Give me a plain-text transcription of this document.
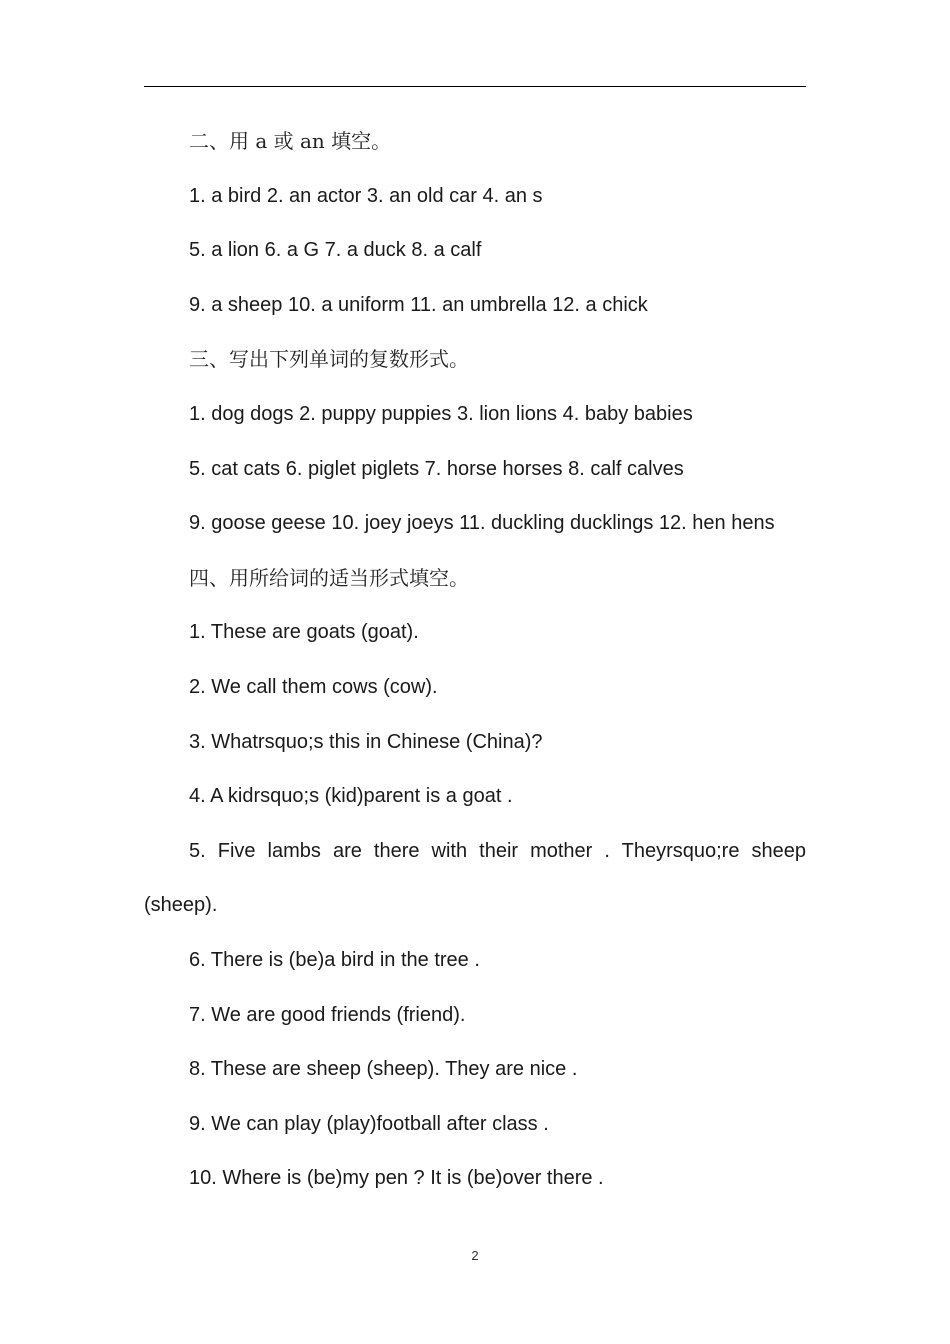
二、用 a 或 an 填空。
1. a bird 2. an actor 3. an old car 4. an s
5. a lion 6. a G 7. a duck 8. a calf
9. a sheep 10. a uniform 11. an umbrella 12. a chick
三、写出下列单词的复数形式。
1. dog dogs 2. puppy puppies 3. lion lions 4. baby babies
5. cat cats 6. piglet piglets 7. horse horses 8. calf calves
9. goose geese 10. joey joeys 11. duckling ducklings 12. hen hens
四、用所给词的适当形式填空。
1. These are goats (goat).
2. We call them cows (cow).
3. Whatrsquo;s this in Chinese (China)?
4. A kidrsquo;s (kid)parent is a goat .
5. Five lambs are there with their mother . Theyrsquo;re sheep (sheep).
6. There is (be)a bird in the tree .
7. We are good friends (friend).
8. These are sheep (sheep). They are nice .
9. We can play (play)football after class .
10. Where is (be)my pen ? It is (be)over there .
2
